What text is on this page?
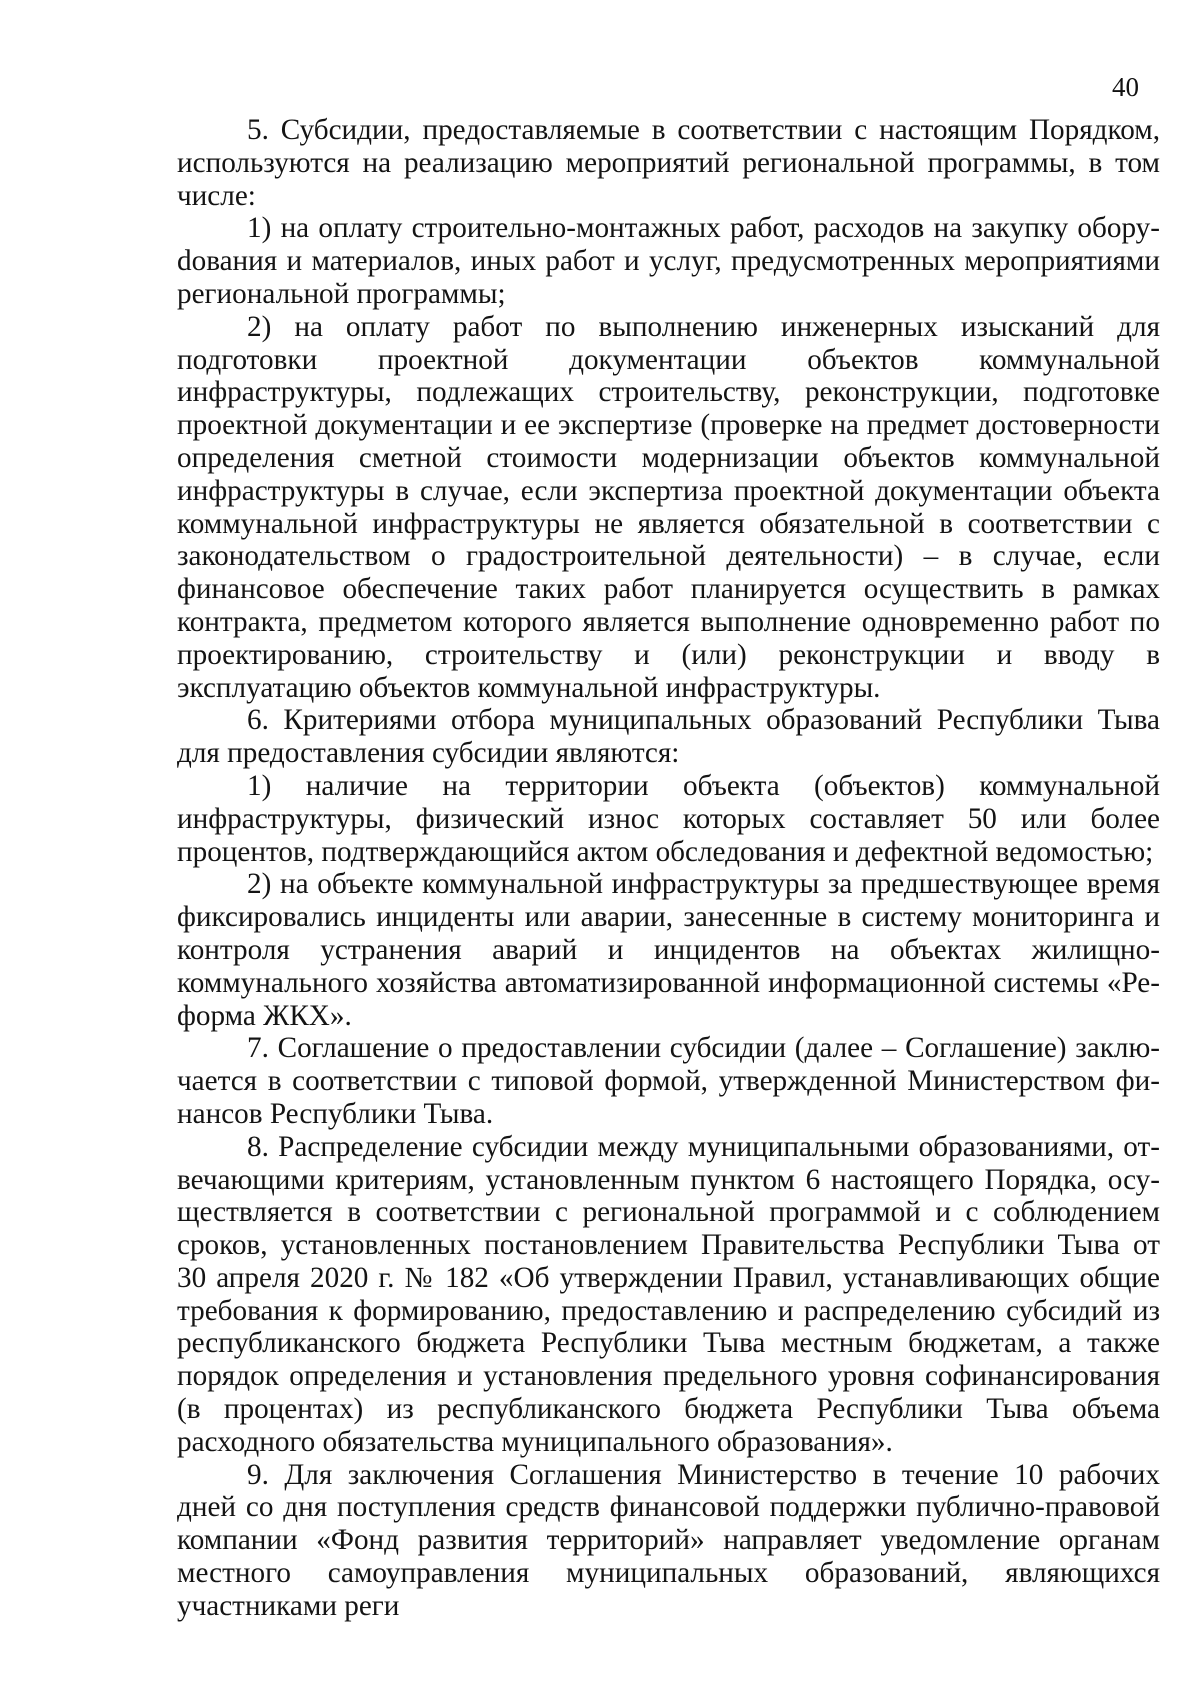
40

5. Субсидии, предоставляемые в соответствии с настоящим Порядком, используются на реализацию мероприятий региональной программы, в том числе:

1) на оплату строительно-монтажных работ, расходов на закупку оборуdования и материалов, иных работ и услуг, предусмотренных мероприятиями региональной программы;

2) на оплату работ по выполнению инженерных изысканий для подготовки проектной документации объектов коммунальной инфраструктуры, подлежащих строительству, реконструкции, подготовке проектной документации и ее экспертизе (проверке на предмет достоверности определения сметной стоимости модернизации объектов коммунальной инфраструктуры в случае, если экспертиза проектной документации объекта коммунальной инфраструктуры не является обязательной в соответствии с законодательством о градостроительной деятельности) – в случае, если финансовое обеспечение таких работ планируется осуществить в рамках контракта, предметом которого является выполнение одновременно работ по проектированию, строительству и (или) реконструкции и вводу в эксплуатацию объектов коммунальной инфраструктуры.

6. Критериями отбора муниципальных образований Республики Тыва для предоставления субсидии являются:

1) наличие на территории объекта (объектов) коммунальной инфраструктуры, физический износ которых составляет 50 или более процентов, подтверждающийся актом обследования и дефектной ведомостью;

2) на объекте коммунальной инфраструктуры за предшествующее время фиксировались инциденты или аварии, занесенные в систему мониторинга и контроля устранения аварий и инцидентов на объектах жилищно-коммунального хозяйства автоматизированной информационной системы «Реформа ЖКХ».

7. Соглашение о предоставлении субсидии (далее – Соглашение) заключается в соответствии с типовой формой, утвержденной Министерством финансов Республики Тыва.

8. Распределение субсидии между муниципальными образованиями, отвечающими критериям, установленным пунктом 6 настоящего Порядка, осуществляется в соответствии с региональной программой и с соблюдением сроков, установленных постановлением Правительства Республики Тыва от 30 апреля 2020 г. № 182 «Об утверждении Правил, устанавливающих общие требования к формированию, предоставлению и распределению субсидий из республиканского бюджета Республики Тыва местным бюджетам, а также порядок определения и установления предельного уровня софинансирования (в процентах) из республиканского бюджета Республики Тыва объема расходного обязательства муниципального образования».

9. Для заключения Соглашения Министерство в течение 10 рабочих дней со дня поступления средств финансовой поддержки публично-правовой компании «Фонд развития территорий» направляет уведомление органам местного самоуправления муниципальных образований, являющихся участниками реги
